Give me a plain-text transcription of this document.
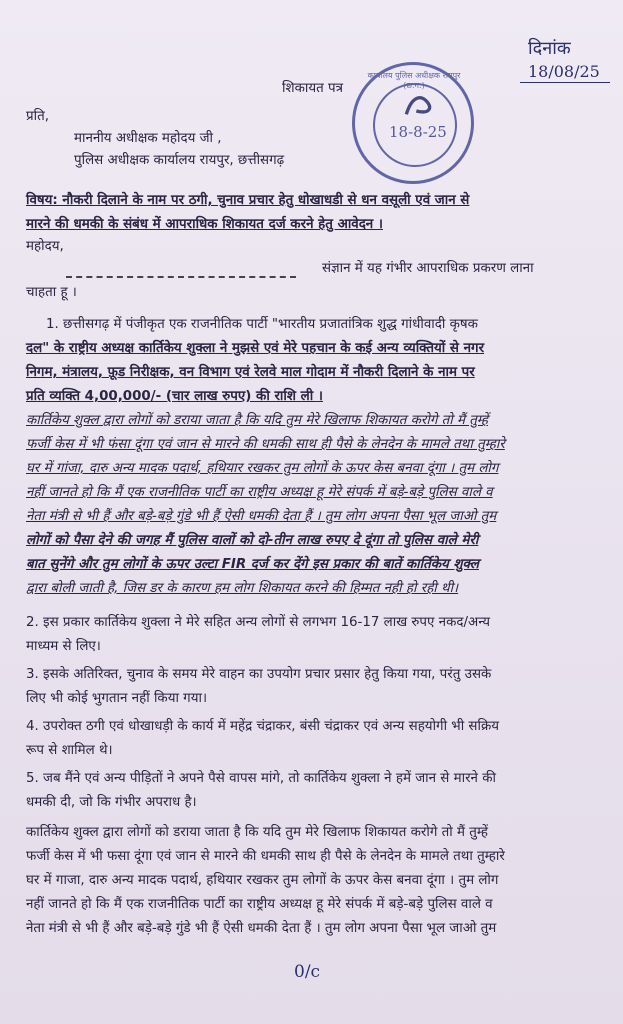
दिनांक
18/08/25
शिकायत पत्र
कार्यालय पुलिस अधीक्षक रायपुर (छ.ग.)
18-8-25
प्रति,
माननीय अधीक्षक महोदय जी ,
पुलिस अधीक्षक कार्यालय रायपुर, छत्तीसगढ़
विषय: नौकरी दिलाने के नाम पर ठगी, चुनाव प्रचार हेतु धोखाधडी से धन वसूली एवं जान से
मारने की धमकी के संबंध में आपराधिक शिकायत दर्ज करने हेतु आवेदन ।
महोदय,
संज्ञान में यह गंभीर आपराधिक प्रकरण लाना
चाहता हू ।
1. छत्तीसगढ़ में पंजीकृत एक राजनीतिक पार्टी "भारतीय प्रजातांत्रिक शुद्ध गांधीवादी कृषक
दल" के राष्ट्रीय अध्यक्ष कार्तिकेय शुक्ला ने मुझसे एवं मेरे पहचान के कई अन्य व्यक्तियों से नगर
निगम, मंत्रालय, फ़ूड निरीक्षक, वन विभाग एवं रेलवे माल गोदाम में नौकरी दिलाने के नाम पर
प्रति व्यक्ति 4,00,000/- (चार लाख रुपए) की राशि ली ।
कार्तिकेय शुक्ल द्वारा लोगों को डराया जाता है कि यदि तुम मेरे खिलाफ शिकायत करोगे तो मैं तुम्हें
फर्जी केस में भी फंसा दूंगा एवं जान से मारने की धमकी साथ ही पैसे के लेनदेन के मामले तथा तुम्हारे
घर में गांजा, दारु अन्य मादक पदार्थ, हथियार रखकर तुम लोगों के ऊपर केस बनवा दूंगा । तुम लोग
नहीं जानते हो कि मैं एक राजनीतिक पार्टी का राष्ट्रीय अध्यक्ष हू मेरे संपर्क में बड़े-बड़े पुलिस वाले व
नेता मंत्री से भी हैं और बड़े-बड़े गुंडे भी हैं ऐसी धमकी देता हैं । तुम लोग अपना पैसा भूल जाओ तुम
लोगों को पैसा देने की जगह मैं पुलिस वालों को दो-तीन लाख रुपए दे दूंगा तो पुलिस वाले मेरी
बात सुनेंगे और तुम लोगों के ऊपर उल्टा FIR दर्ज कर देंगे इस प्रकार की बातें कार्तिकेय शुक्ल
द्वारा बोली जाती है, जिस डर के कारण हम लोग शिकायत करने की हिम्मत नही हो रही थी।
2. इस प्रकार कार्तिकेय शुक्ला ने मेरे सहित अन्य लोगों से लगभग 16-17 लाख रुपए नकद/अन्य
माध्यम से लिए।
3. इसके अतिरिक्त, चुनाव के समय मेरे वाहन का उपयोग प्रचार प्रसार हेतु किया गया, परंतु उसके
लिए भी कोई भुगतान नहीं किया गया।
4. उपरोक्त ठगी एवं धोखाधड़ी के कार्य में महेंद्र चंद्राकर, बंसी चंद्राकर एवं अन्य सहयोगी भी सक्रिय
रूप से शामिल थे।
5. जब मैंने एवं अन्य पीड़ितों ने अपने पैसे वापस मांगे, तो कार्तिकेय शुक्ला ने हमें जान से मारने की
धमकी दी, जो कि गंभीर अपराध है।
कार्तिकेय शुक्ल द्वारा लोगों को डराया जाता है कि यदि तुम मेरे खिलाफ शिकायत करोगे तो मैं तुम्हें
फर्जी केस में भी फसा दूंगा एवं जान से मारने की धमकी साथ ही पैसे के लेनदेन के मामले तथा तुम्हारे
घर में गाजा, दारु अन्य मादक पदार्थ, हथियार रखकर तुम लोगों के ऊपर केस बनवा दूंगा । तुम लोग
नहीं जानते हो कि मैं एक राजनीतिक पार्टी का राष्ट्रीय अध्यक्ष हू मेरे संपर्क में बड़े-बड़े पुलिस वाले व
नेता मंत्री से भी हैं और बड़े-बड़े गुंडे भी हैं ऐसी धमकी देता हैं । तुम लोग अपना पैसा भूल जाओ तुम
0/c
